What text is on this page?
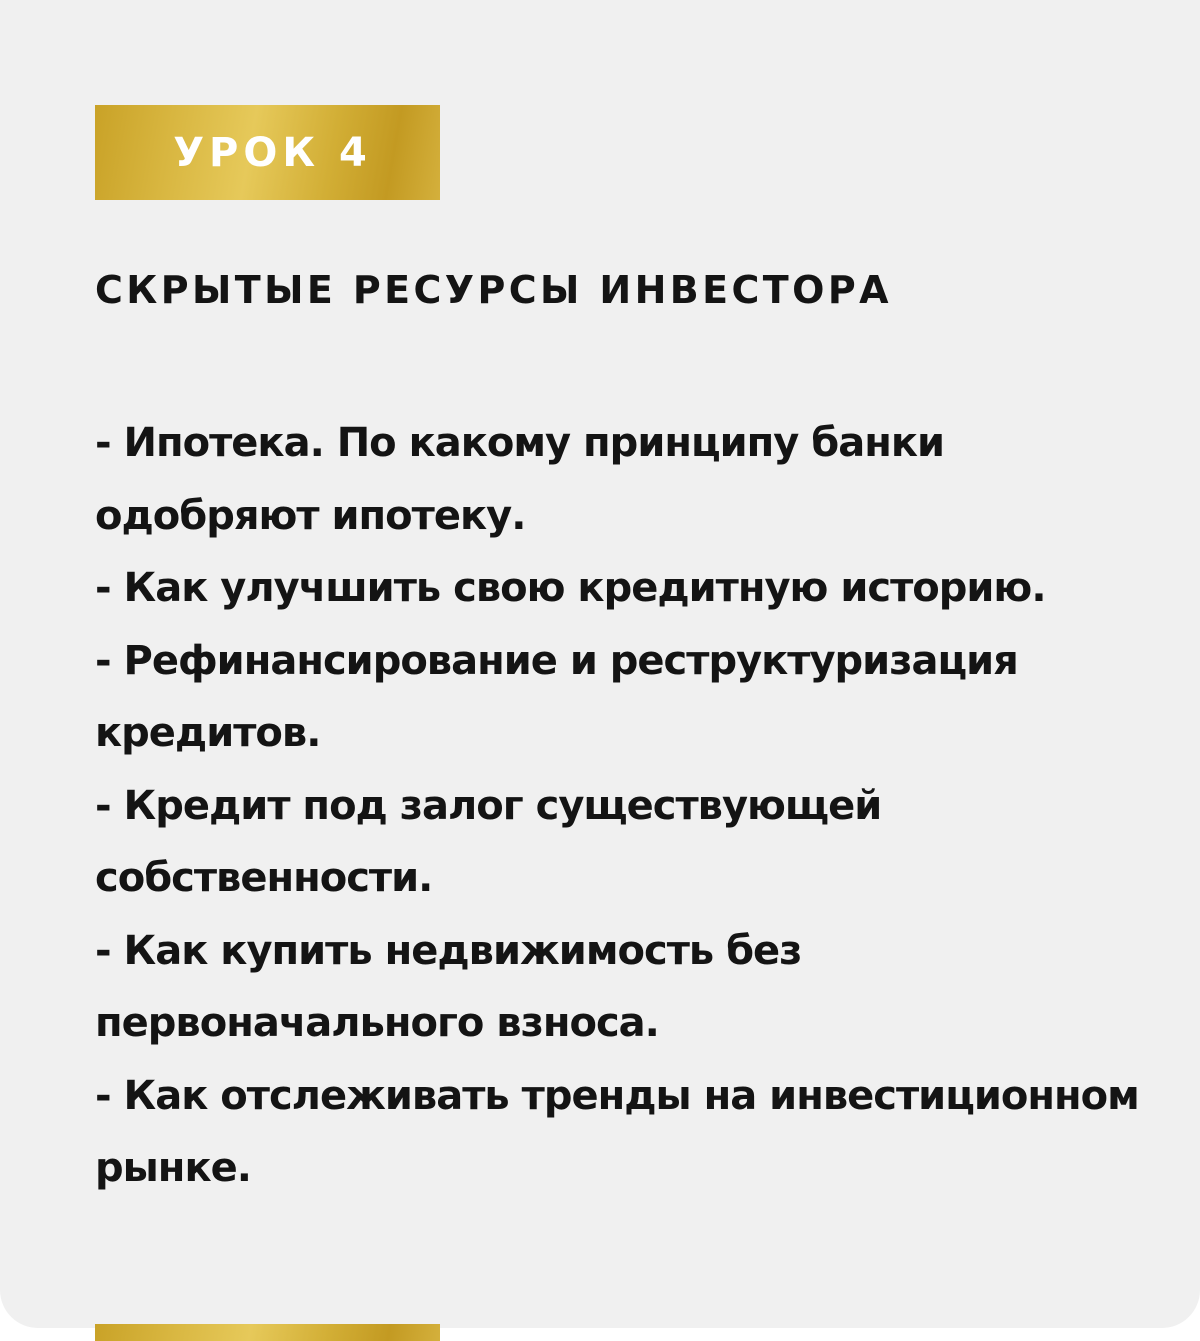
УРОК 4
СКРЫТЫЕ РЕСУРСЫ ИНВЕСТОРА
- Ипотека. По какому принципу банки одобряют ипотеку.
- Как улучшить свою кредитную историю.
- Рефинансирование и реструктуризация кредитов.
- Кредит под залог существующей собственности.
- Как купить недвижимость без первоначального взноса.
- Как отслеживать тренды на инвестиционном рынке.
